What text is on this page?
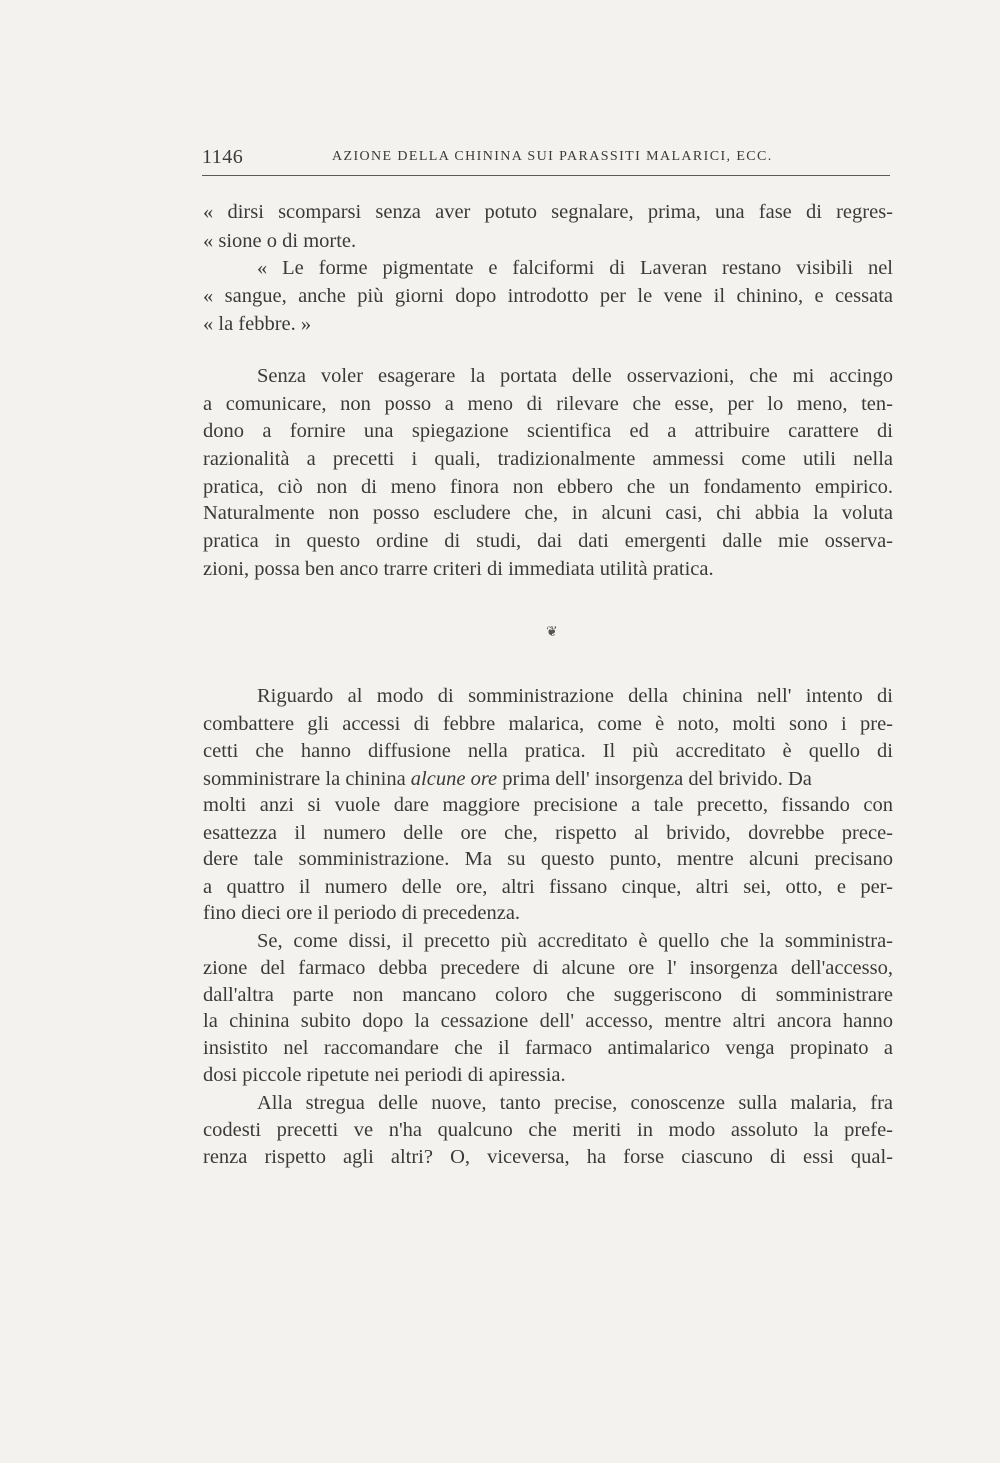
1146	AZIONE DELLA CHININA SUI PARASSITI MALARICI, ECC.
« dirsi scomparsi senza aver potuto segnalare, prima, una fase di regres-
« sione o di morte.
« Le forme pigmentate e falciformi di Laveran restano visibili nel
« sangue, anche più giorni dopo introdotto per le vene il chinino, e cessata
« la febbre. »
Senza voler esagerare la portata delle osservazioni, che mi accingo
a comunicare, non posso a meno di rilevare che esse, per lo meno, ten-
dono a fornire una spiegazione scientifica ed a attribuire carattere di
razionalità a precetti i quali, tradizionalmente ammessi come utili nella
pratica, ciò non di meno finora non ebbero che un fondamento empirico.
Naturalmente non posso escludere che, in alcuni casi, chi abbia la voluta
pratica in questo ordine di studi, dai dati emergenti dalle mie osserva-
zioni, possa ben anco trarre criteri di immediata utilità pratica.
❦
Riguardo al modo di somministrazione della chinina nell' intento di
combattere gli accessi di febbre malarica, come è noto, molti sono i pre-
cetti che hanno diffusione nella pratica. Il più accreditato è quello di
somministrare la chinina alcune ore prima dell' insorgenza del brivido. Da
molti anzi si vuole dare maggiore precisione a tale precetto, fissando con
esattezza il numero delle ore che, rispetto al brivido, dovrebbe prece-
dere tale somministrazione. Ma su questo punto, mentre alcuni precisano
a quattro il numero delle ore, altri fissano cinque, altri sei, otto, e per-
fino dieci ore il periodo di precedenza.
Se, come dissi, il precetto più accreditato è quello che la somministra-
zione del farmaco debba precedere di alcune ore l' insorgenza dell'accesso,
dall'altra parte non mancano coloro che suggeriscono di somministrare
la chinina subito dopo la cessazione dell' accesso, mentre altri ancora hanno
insistito nel raccomandare che il farmaco antimalarico venga propinato a
dosi piccole ripetute nei periodi di apiressia.
Alla stregua delle nuove, tanto precise, conoscenze sulla malaria, fra
codesti precetti ve n'ha qualcuno che meriti in modo assoluto la prefe-
renza rispetto agli altri? O, viceversa, ha forse ciascuno di essi qual-
